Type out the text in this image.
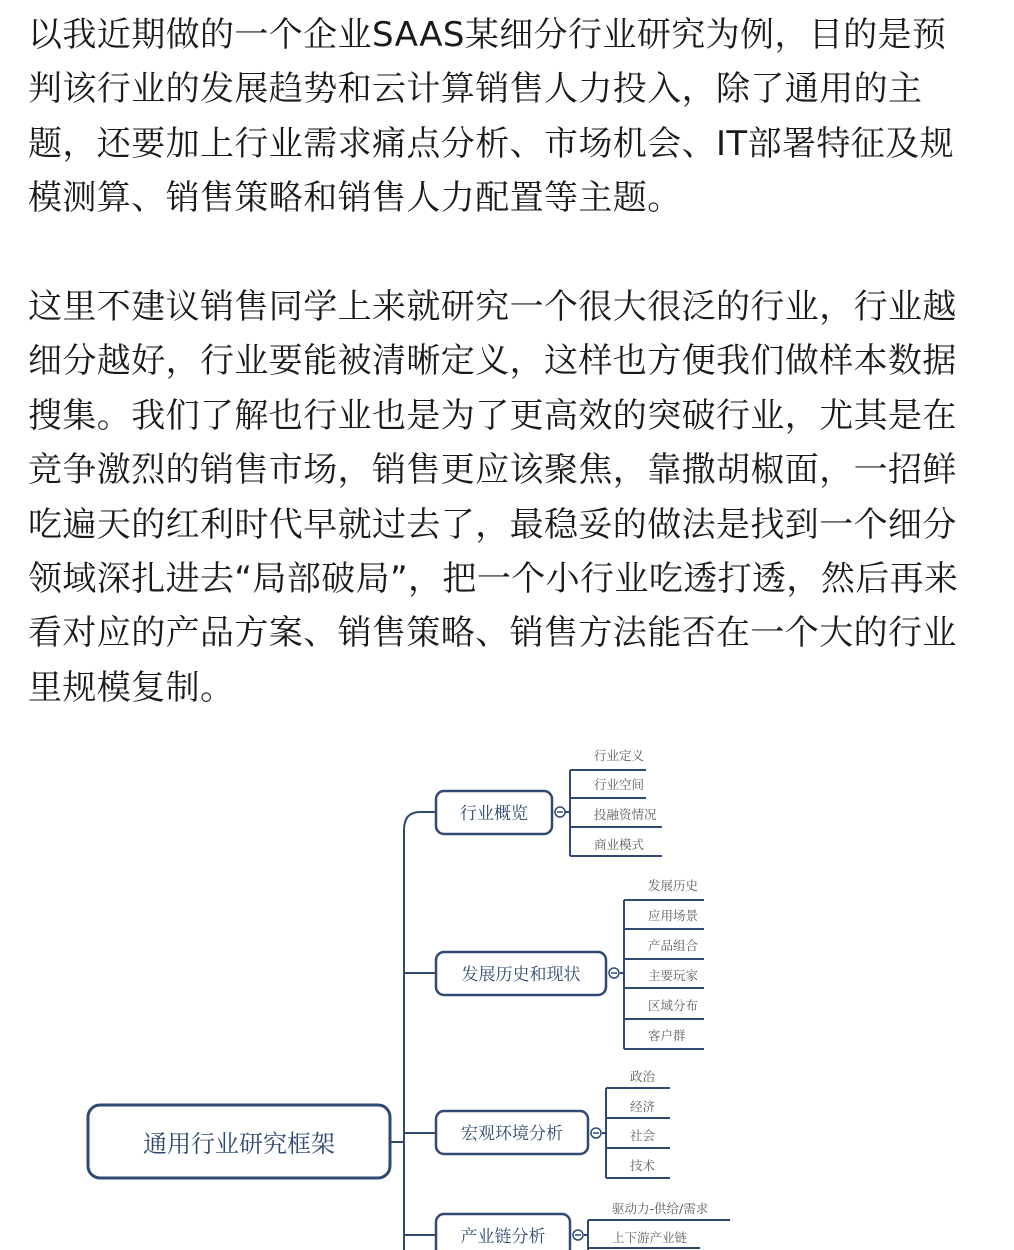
以我近期做的一个企业SAAS某细分行业研究为例，目的是预
判该行业的发展趋势和云计算销售人力投入，除了通用的主
题，还要加上行业需求痛点分析、市场机会、IT部署特征及规
模测算、销售策略和销售人力配置等主题。
这里不建议销售同学上来就研究一个很大很泛的行业，行业越
细分越好，行业要能被清晰定义，这样也方便我们做样本数据
搜集。我们了解也行业也是为了更高效的突破行业，尤其是在
竞争激烈的销售市场，销售更应该聚焦，靠撒胡椒面，一招鲜
吃遍天的红利时代早就过去了，最稳妥的做法是找到一个细分
领域深扎进去“局部破局”，把一个小行业吃透打透，然后再来
看对应的产品方案、销售策略、销售方法能否在一个大的行业
里规模复制。
通用行业研究框架
行业概览
发展历史和现状
宏观环境分析
产业链分析
行业定义
行业空间
投融资情况
商业模式
发展历史
应用场景
产品组合
主要玩家
区域分布
客户群
政治
经济
社会
技术
驱动力-供给/需求
上下游产业链
